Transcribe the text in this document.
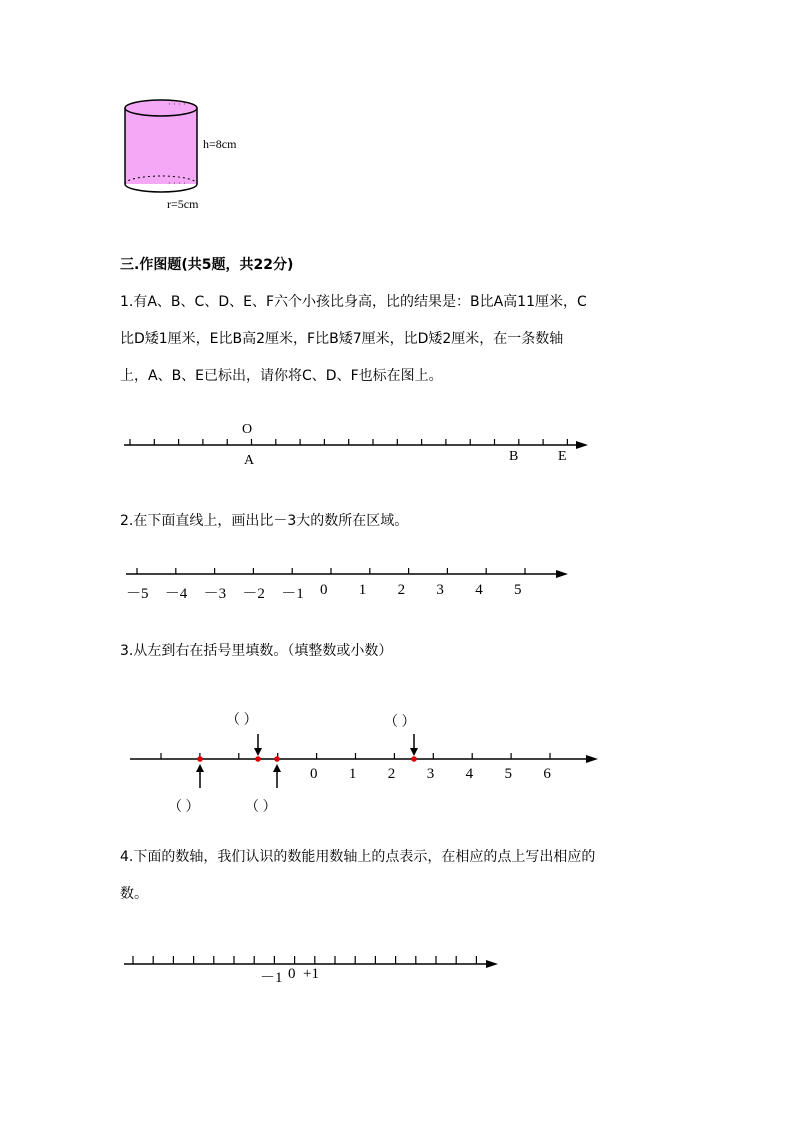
· · · ·
· · · ·
h=8cm
r=5cm
三.作图题(共5题，共22分)
1.有A、B、C、D、E、F六个小孩比身高，比的结果是：B比A高11厘米，C
比D矮1厘米，E比B高2厘米，F比B矮7厘米，比D矮2厘米，在一条数轴
上，A、B、E已标出，请你将C、D、F也标在图上。
O
A	B	E
2.在下面直线上，画出比－3大的数所在区域。
－5 －4 －3 －2 －1 0 1 2 3 4 5
3.从左到右在括号里填数。（填整数或小数）
0 1 2 3 4 5 6
（ ）	（ ）
（ ）	（ ）
4.下面的数轴，我们认识的数能用数轴上的点表示，在相应的点上写出相应的
数。
－1 0 +1
